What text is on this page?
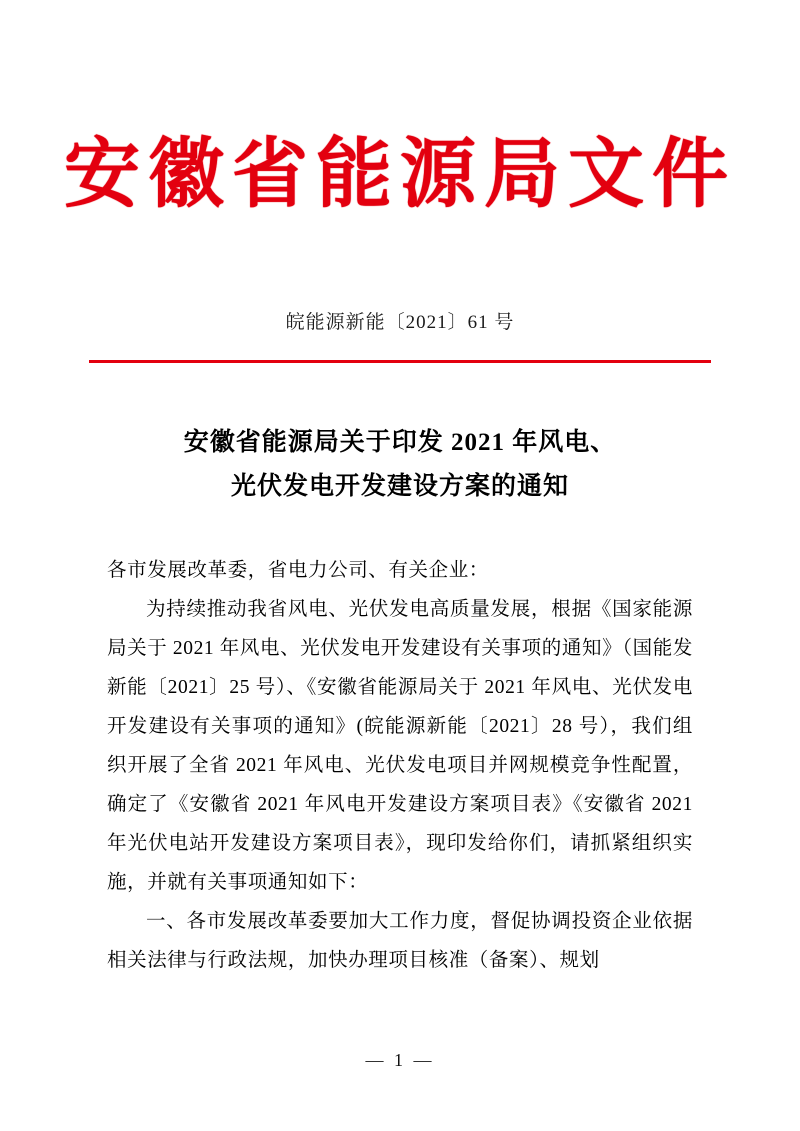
安徽省能源局文件
皖能源新能〔2021〕61 号
安徽省能源局关于印发 2021 年风电、
光伏发电开发建设方案的通知

各市发展改革委，省电力公司、有关企业：

为持续推动我省风电、光伏发电高质量发展，根据《国家能源局关于 2021 年风电、光伏发电开发建设有关事项的通知》（国能发新能〔2021〕25 号）、《安徽省能源局关于 2021 年风电、光伏发电开发建设有关事项的通知》(皖能源新能〔2021〕28 号），我们组织开展了全省 2021 年风电、光伏发电项目并网规模竞争性配置，确定了《安徽省 2021 年风电开发建设方案项目表》《安徽省 2021 年光伏电站开发建设方案项目表》，现印发给你们，请抓紧组织实施，并就有关事项通知如下：

一、各市发展改革委要加大工作力度，督促协调投资企业依据相关法律与行政法规，加快办理项目核准（备案）、规划

— 1 —
